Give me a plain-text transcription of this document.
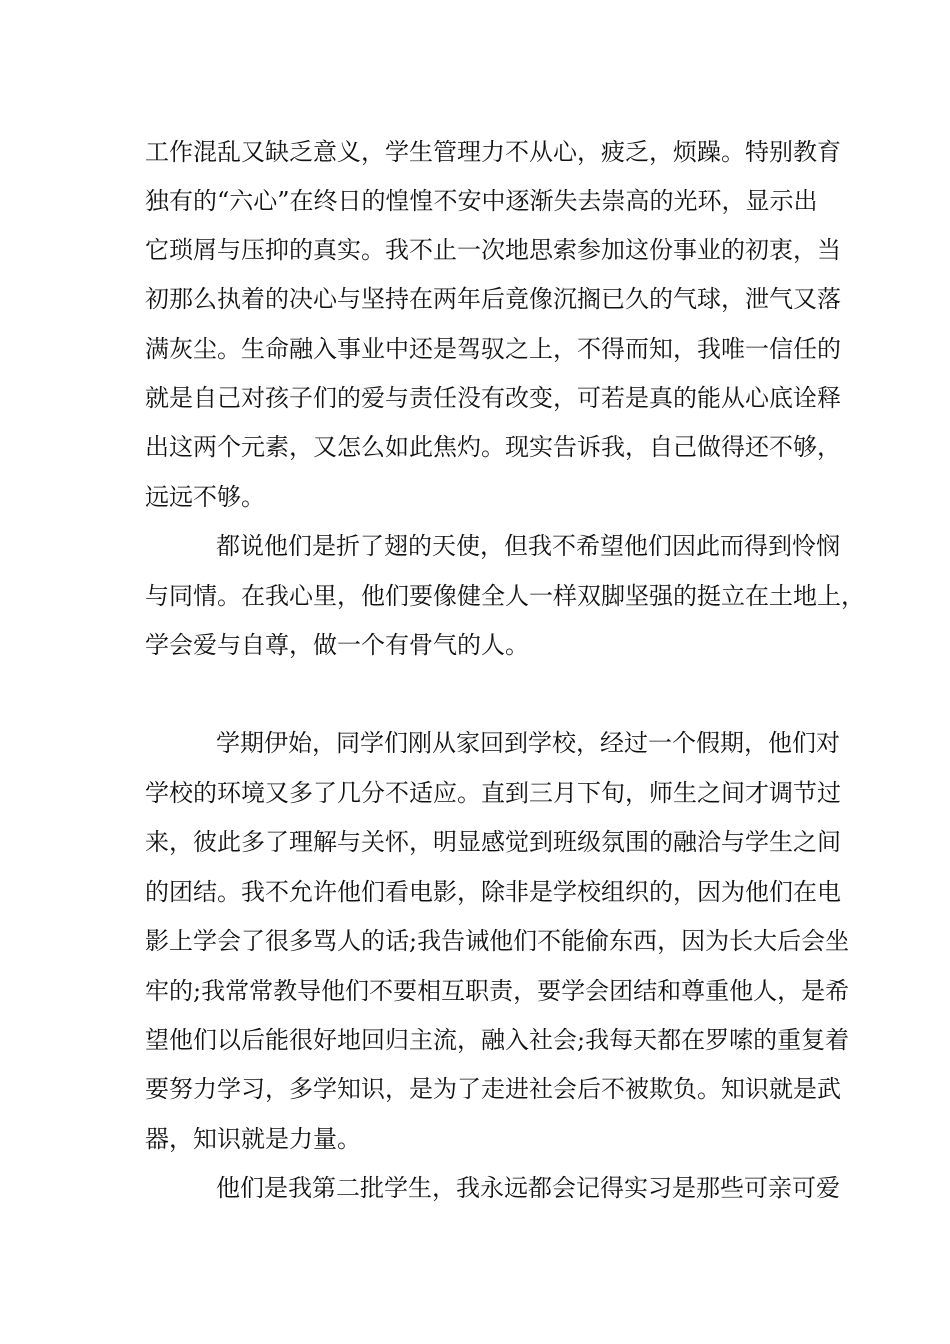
工作混乱又缺乏意义，学生管理力不从心，疲乏，烦躁。特别教育
独有的“六心”在终日的惶惶不安中逐渐失去崇高的光环，显示出
它琐屑与压抑的真实。我不止一次地思索参加这份事业的初衷，当
初那么执着的决心与坚持在两年后竟像沉搁已久的气球，泄气又落
满灰尘。生命融入事业中还是驾驭之上，不得而知，我唯一信任的
就是自己对孩子们的爱与责任没有改变，可若是真的能从心底诠释
出这两个元素，又怎么如此焦灼。现实告诉我，自己做得还不够，
远远不够。
都说他们是折了翅的天使，但我不希望他们因此而得到怜悯
与同情。在我心里，他们要像健全人一样双脚坚强的挺立在土地上，
学会爱与自尊，做一个有骨气的人。
学期伊始，同学们刚从家回到学校，经过一个假期，他们对
学校的环境又多了几分不适应。直到三月下旬，师生之间才调节过
来，彼此多了理解与关怀，明显感觉到班级氛围的融洽与学生之间
的团结。我不允许他们看电影，除非是学校组织的，因为他们在电
影上学会了很多骂人的话;我告诫他们不能偷东西，因为长大后会坐
牢的;我常常教导他们不要相互职责，要学会团结和尊重他人，是希
望他们以后能很好地回归主流，融入社会;我每天都在罗嗦的重复着
要努力学习，多学知识，是为了走进社会后不被欺负。知识就是武
器，知识就是力量。
他们是我第二批学生，我永远都会记得实习是那些可亲可爱
